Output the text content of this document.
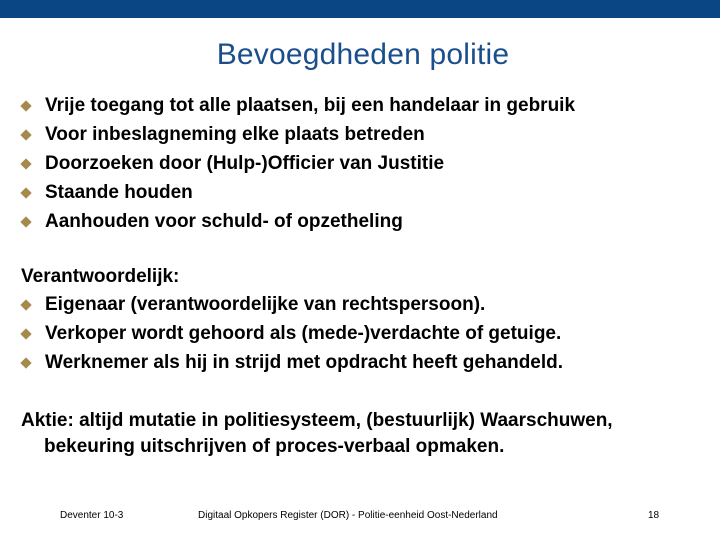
Bevoegdheden politie
Vrije toegang tot alle plaatsen, bij een handelaar in gebruik
Voor inbeslagneming elke plaats betreden
Doorzoeken door (Hulp-)Officier van Justitie
Staande houden
Aanhouden voor schuld- of opzetheling
Verantwoordelijk:
Eigenaar (verantwoordelijke van rechtspersoon).
Verkoper wordt gehoord als (mede-)verdachte of getuige.
Werknemer als hij in strijd met opdracht heeft gehandeld.
Aktie: altijd mutatie in politiesysteem, (bestuurlijk) Waarschuwen,
bekeuring uitschrijven of proces-verbaal opmaken.
Deventer 10-3	Digitaal Opkopers Register (DOR) - Politie-eenheid Oost-Nederland	18
